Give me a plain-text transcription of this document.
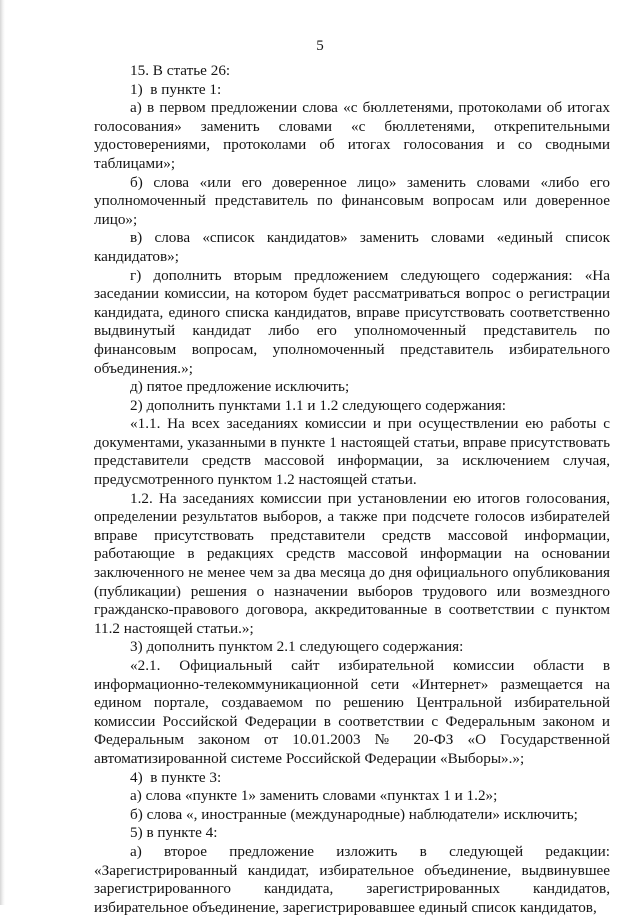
5

15. В статье 26:

1)  в пункте 1:

а) в первом предложении слова «с бюллетенями, протоколами об итогах голосования» заменить словами «с бюллетенями, открепительными удостоверениями, протоколами об итогах голосования и со сводными таблицами»;

б) слова «или его доверенное лицо» заменить словами «либо его уполномоченный представитель по финансовым вопросам или доверенное лицо»;

в) слова «список кандидатов» заменить словами «единый список кандидатов»;

г) дополнить вторым предложением следующего содержания: «На заседании комиссии, на котором будет рассматриваться вопрос о регистрации кандидата, единого списка кандидатов, вправе присутствовать соответственно выдвинутый кандидат либо его уполномоченный представитель по финансовым вопросам, уполномоченный представитель избирательного объединения.»;

д) пятое предложение исключить;

2) дополнить пунктами 1.1 и 1.2 следующего содержания:

«1.1. На всех заседаниях комиссии и при осуществлении ею работы с документами, указанными в пункте 1 настоящей статьи, вправе присутствовать представители средств массовой информации, за исключением случая, предусмотренного пунктом 1.2 настоящей статьи.

1.2. На заседаниях комиссии при установлении ею итогов голосования, определении результатов выборов, а также при подсчете голосов избирателей вправе присутствовать представители средств массовой информации, работающие в редакциях средств массовой информации на основании заключенного не менее чем за два месяца до дня официального опубликования (публикации) решения о назначении выборов трудового или возмездного гражданско-правового договора, аккредитованные в соответствии с пунктом 11.2 настоящей статьи.»;

3) дополнить пунктом 2.1 следующего содержания:

«2.1. Официальный сайт избирательной комиссии области в информационно-телекоммуникационной сети «Интернет» размещается на едином портале, создаваемом по решению Центральной избирательной комиссии Российской Федерации в соответствии с Федеральным законом и Федеральным законом от 10.01.2003 № 20-ФЗ «О Государственной автоматизированной системе Российской Федерации «Выборы».»;

4)  в пункте 3:

а) слова «пункте 1» заменить словами «пунктах 1 и 1.2»;

б) слова «, иностранные (международные) наблюдатели» исключить;

5) в пункте 4:

а) второе предложение изложить в следующей редакции: «Зарегистрированный кандидат, избирательное объединение, выдвинувшее зарегистрированного кандидата, зарегистрированных кандидатов, избирательное объединение, зарегистрировавшее единый список кандидатов,
